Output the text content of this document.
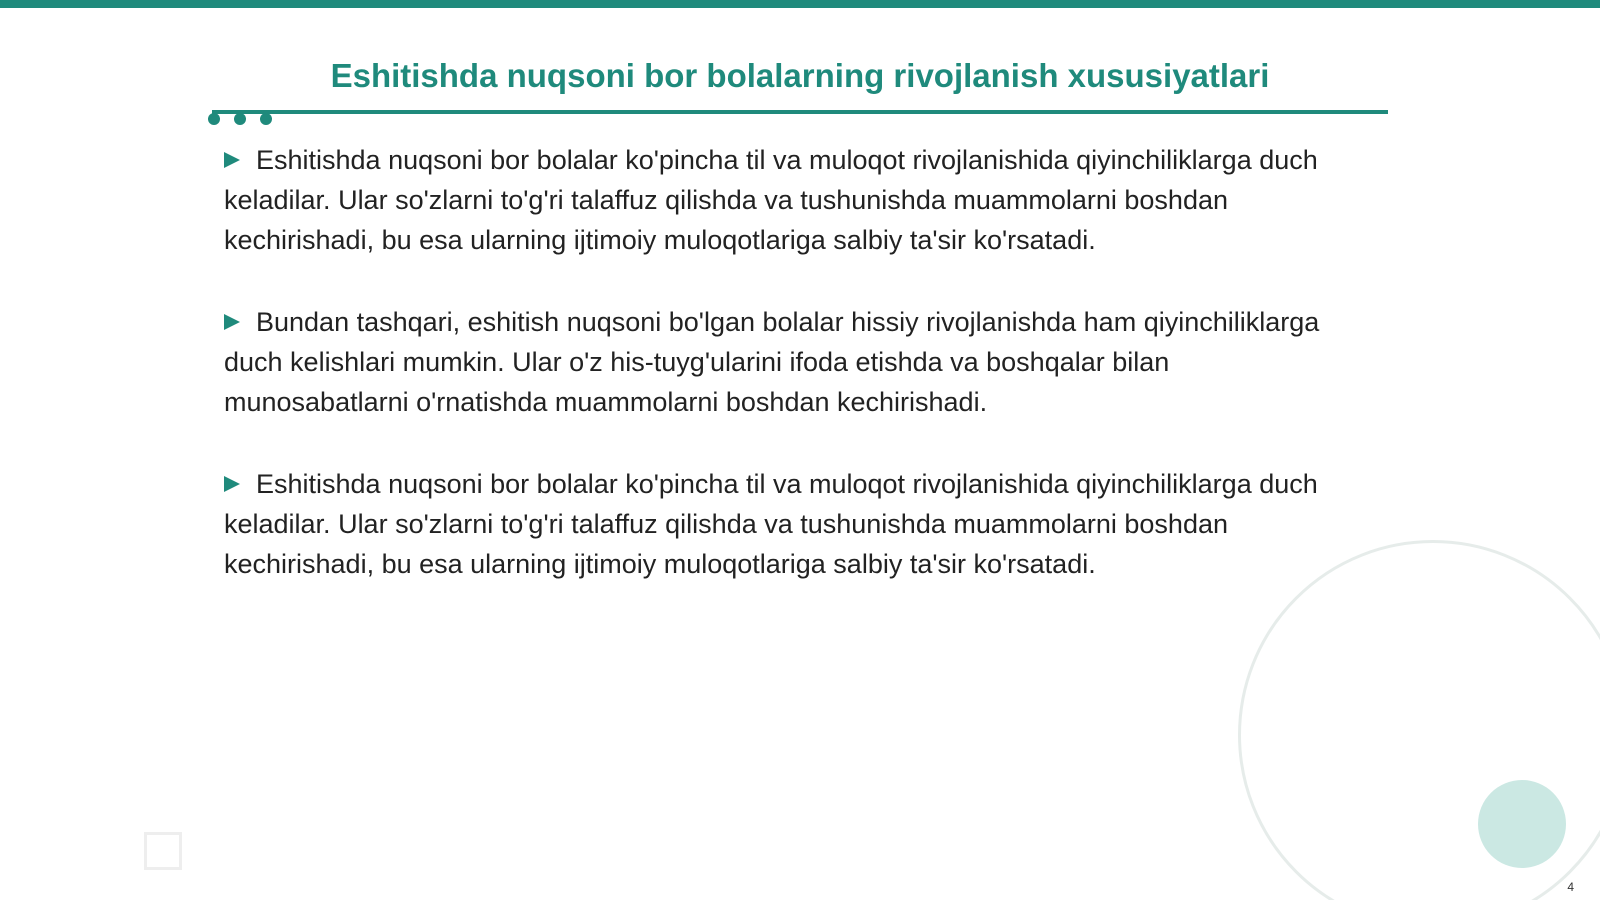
Eshitishda nuqsoni bor bolalarning rivojlanish xususiyatlari

Eshitishda nuqsoni bor bolalar ko'pincha til va muloqot rivojlanishida qiyinchiliklarga duch keladilar. Ular so'zlarni to'g'ri talaffuz qilishda va tushunishda muammolarni boshdan kechirishadi, bu esa ularning ijtimoiy muloqotlariga salbiy ta'sir ko'rsatadi.

Bundan tashqari, eshitish nuqsoni bo'lgan bolalar hissiy rivojlanishda ham qiyinchiliklarga duch kelishlari mumkin. Ular o'z his-tuyg'ularini ifoda etishda va boshqalar bilan munosabatlarni o'rnatishda muammolarni boshdan kechirishadi.

Eshitishda nuqsoni bor bolalar ko'pincha til va muloqot rivojlanishida qiyinchiliklarga duch keladilar. Ular so'zlarni to'g'ri talaffuz qilishda va tushunishda muammolarni boshdan kechirishadi, bu esa ularning ijtimoiy muloqotlariga salbiy ta'sir ko'rsatadi.

4
